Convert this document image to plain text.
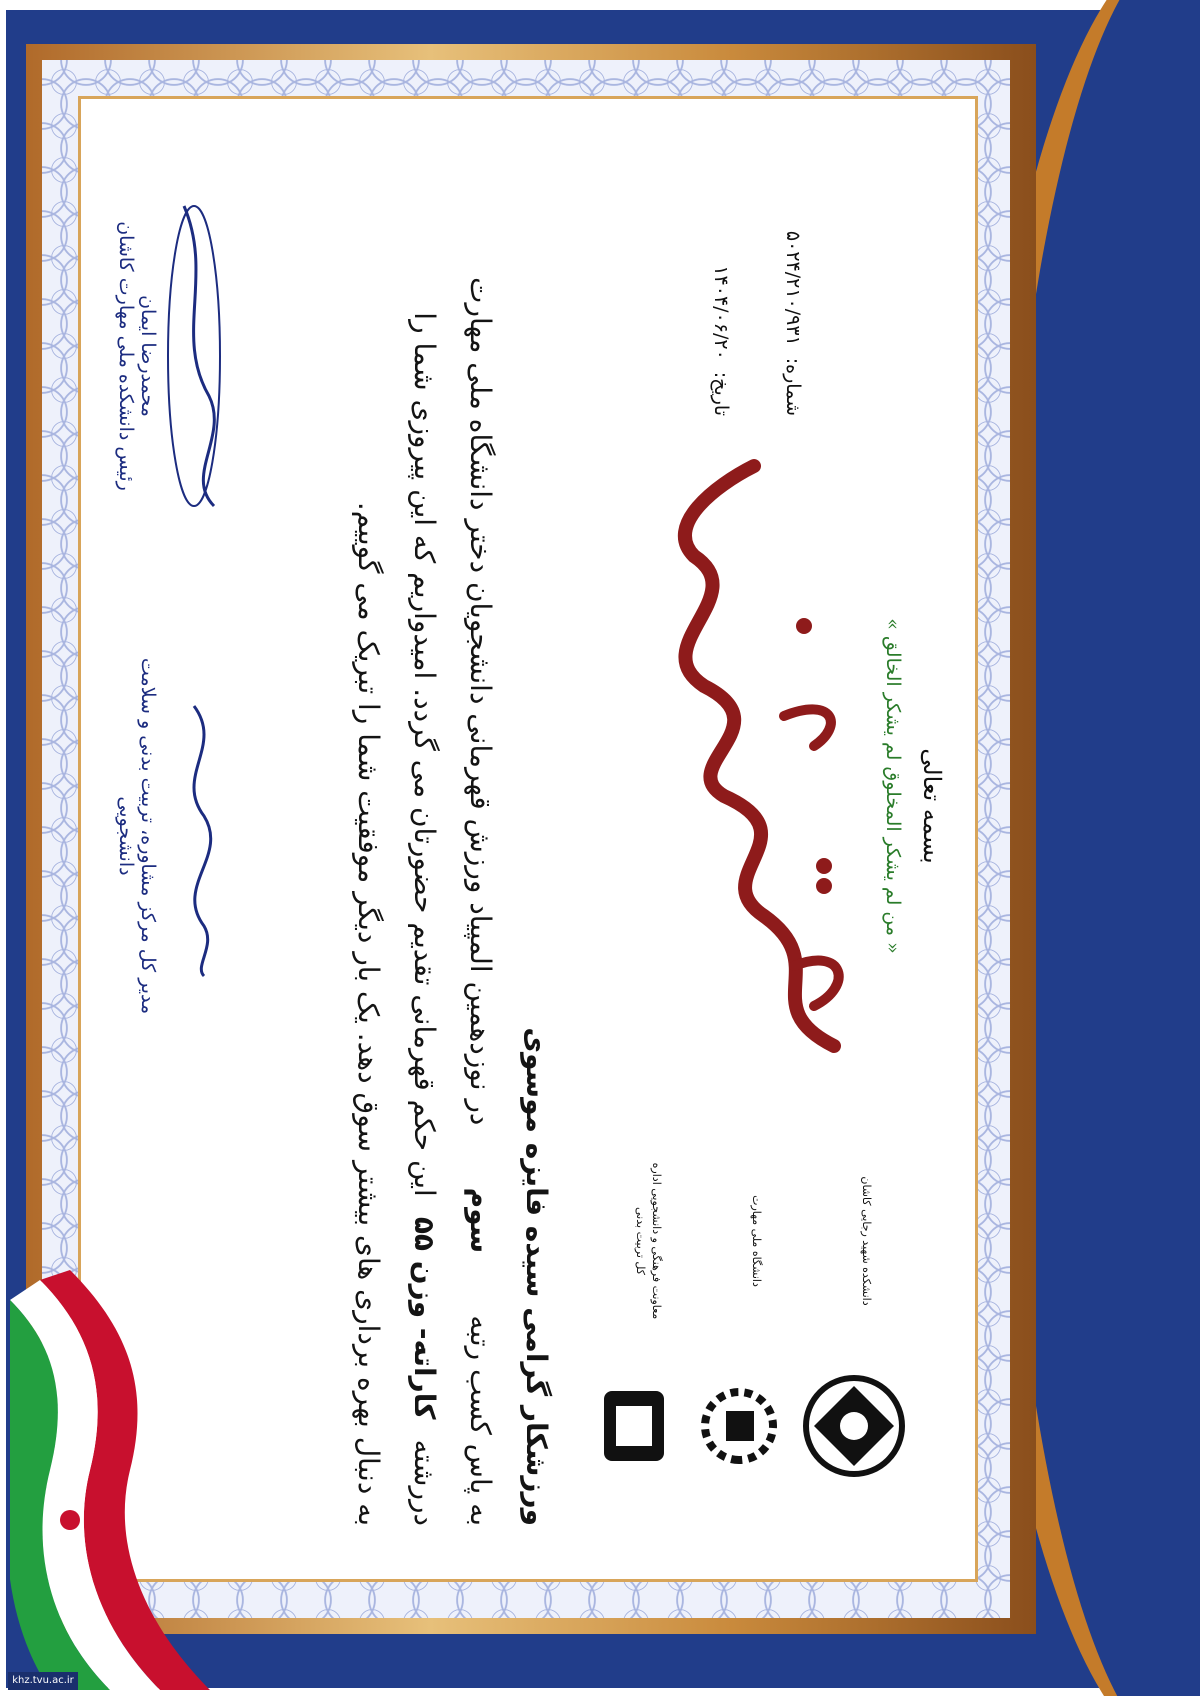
khz.tvu.ac.ir
بسمه تعالی
« من لم یشکر المخلوق لم یشکر الخالق »
شماره:
۵۰۲۴/۲۱۰/۹۳۱
تاریخ:
۱۴۰۴/۰۶/۲۰
دانشکده شهید رجایی کاشان
دانشگاه ملی مهارت
معاونت فرهنگی و دانشجویی اداره کل تربیت بدنی
ورزشکار گرامی سیده فایزه موسوی
به پاس کسب رتبه
سوم
در نوزدهمین المپیاد ورزش قهرمانی دانشجویان دختر دانشگاه ملی مهارت
دررشته
کاراته- وزن ۵۵
این حکم قهرمانی تقدیم حضورتان می گردد. امیدواریم که این پیروزی شما را
به دنبال بهره برداری های بیشتر سوق دهد. یک بار دیگر موفقیت شما را تبریک می گوییم.
مدیر کل مرکز مشاوره، تربیت بدنی و سلامت دانشجویی
محمدرضا ایمان
رئیس دانشکده ملی مهارت کاشان
